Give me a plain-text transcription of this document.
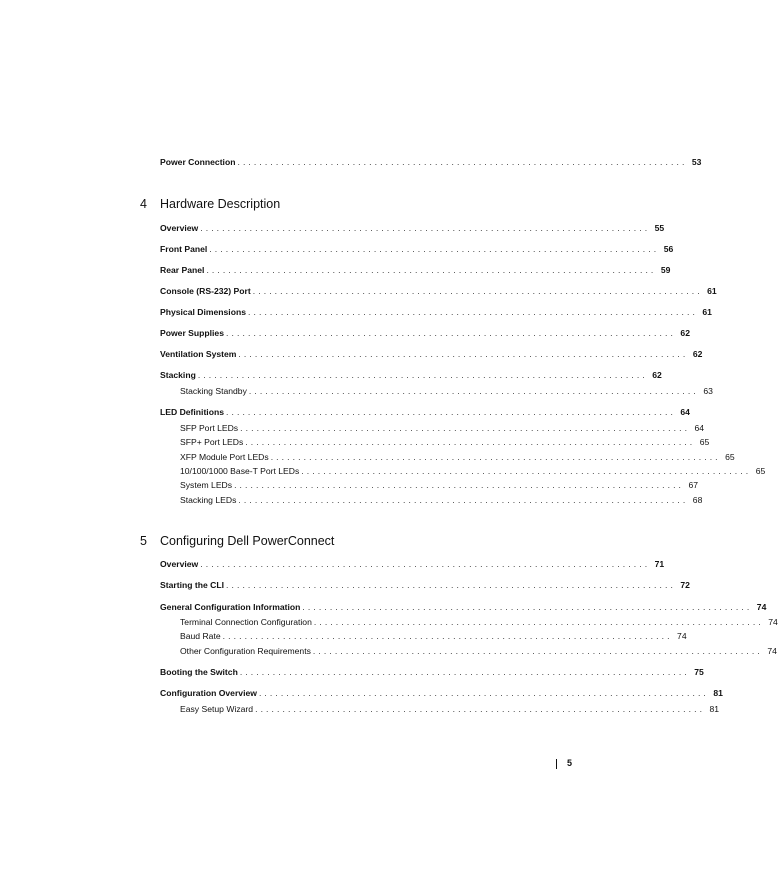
Power Connection .................................................................................. 53
4	Hardware Description
Overview .................................................................................. 55
Front Panel .................................................................................. 56
Rear Panel .................................................................................. 59
Console (RS-232) Port .................................................................................. 61
Physical Dimensions .................................................................................. 61
Power Supplies .................................................................................. 62
Ventilation System .................................................................................. 62
Stacking .................................................................................. 62
Stacking Standby .................................................................................. 63
LED Definitions .................................................................................. 64
SFP Port LEDs .................................................................................. 64
SFP+ Port LEDs .................................................................................. 65
XFP Module Port LEDs .................................................................................. 65
10/100/1000 Base-T Port LEDs .................................................................................. 65
System LEDs .................................................................................. 67
Stacking LEDs .................................................................................. 68
5	Configuring Dell PowerConnect
Overview .................................................................................. 71
Starting the CLI .................................................................................. 72
General Configuration Information .................................................................................. 74
Terminal Connection Configuration .................................................................................. 74
Baud Rate .................................................................................. 74
Other Configuration Requirements .................................................................................. 74
Booting the Switch .................................................................................. 75
Configuration Overview .................................................................................. 81
Easy Setup Wizard .................................................................................. 81
5
